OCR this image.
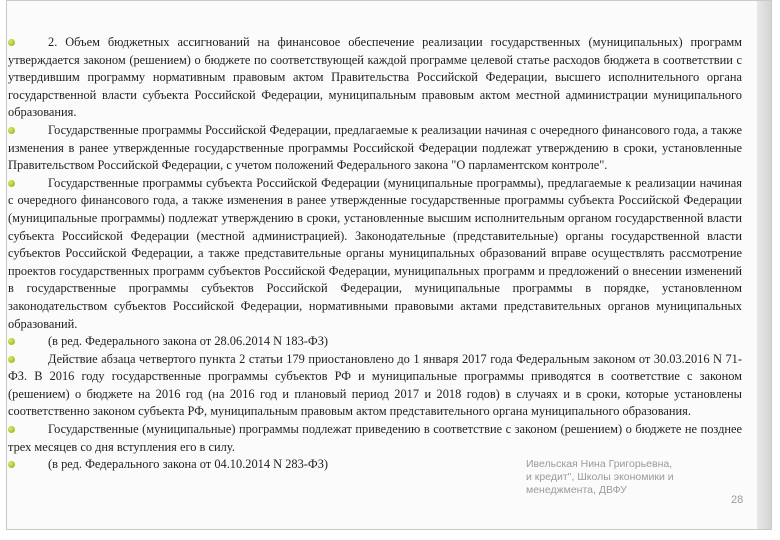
2. Объем бюджетных ассигнований на финансовое обеспечение реализации государственных (муниципальных) программ утверждается законом (решением) о бюджете по соответствующей каждой программе целевой статье расходов бюджета в соответствии с утвердившим программу нормативным правовым актом Правительства Российской Федерации, высшего исполнительного органа государственной власти субъекта Российской Федерации, муниципальным правовым актом местной администрации муниципального образования.

Государственные программы Российской Федерации, предлагаемые к реализации начиная с очередного финансового года, а также изменения в ранее утвержденные государственные программы Российской Федерации подлежат утверждению в сроки, установленные Правительством Российской Федерации, с учетом положений Федерального закона "О парламентском контроле".

Государственные программы субъекта Российской Федерации (муниципальные программы), предлагаемые к реализации начиная с очередного финансового года, а также изменения в ранее утвержденные государственные программы субъекта Российской Федерации (муниципальные программы) подлежат утверждению в сроки, установленные высшим исполнительным органом государственной власти субъекта Российской Федерации (местной администрацией). Законодательные (представительные) органы государственной власти субъектов Российской Федерации, а также представительные органы муниципальных образований вправе осуществлять рассмотрение проектов государственных программ субъектов Российской Федерации, муниципальных программ и предложений о внесении изменений в государственные программы субъектов Российской Федерации, муниципальные программы в порядке, установленном законодательством субъектов Российской Федерации, нормативными правовыми актами представительных органов муниципальных образований.

(в ред. Федерального закона от 28.06.2014 N 183-ФЗ)

Действие абзаца четвертого пункта 2 статьи 179 приостановлено до 1 января 2017 года Федеральным законом от 30.03.2016 N 71-ФЗ. В 2016 году государственные программы субъектов РФ и муниципальные программы приводятся в соответствие с законом (решением) о бюджете на 2016 год (на 2016 год и плановый период 2017 и 2018 годов) в случаях и в сроки, которые установлены соответственно законом субъекта РФ, муниципальным правовым актом представительного органа муниципального образования.

Государственные (муниципальные) программы подлежат приведению в соответствие с законом (решением) о бюджете не позднее трех месяцев со дня вступления его в силу.

(в ред. Федерального закона от 04.10.2014 N 283-ФЗ)	Ивельская Нина Григорьевна,
и кредит", Школы экономики и
менеджмента, ДВФУ
28
